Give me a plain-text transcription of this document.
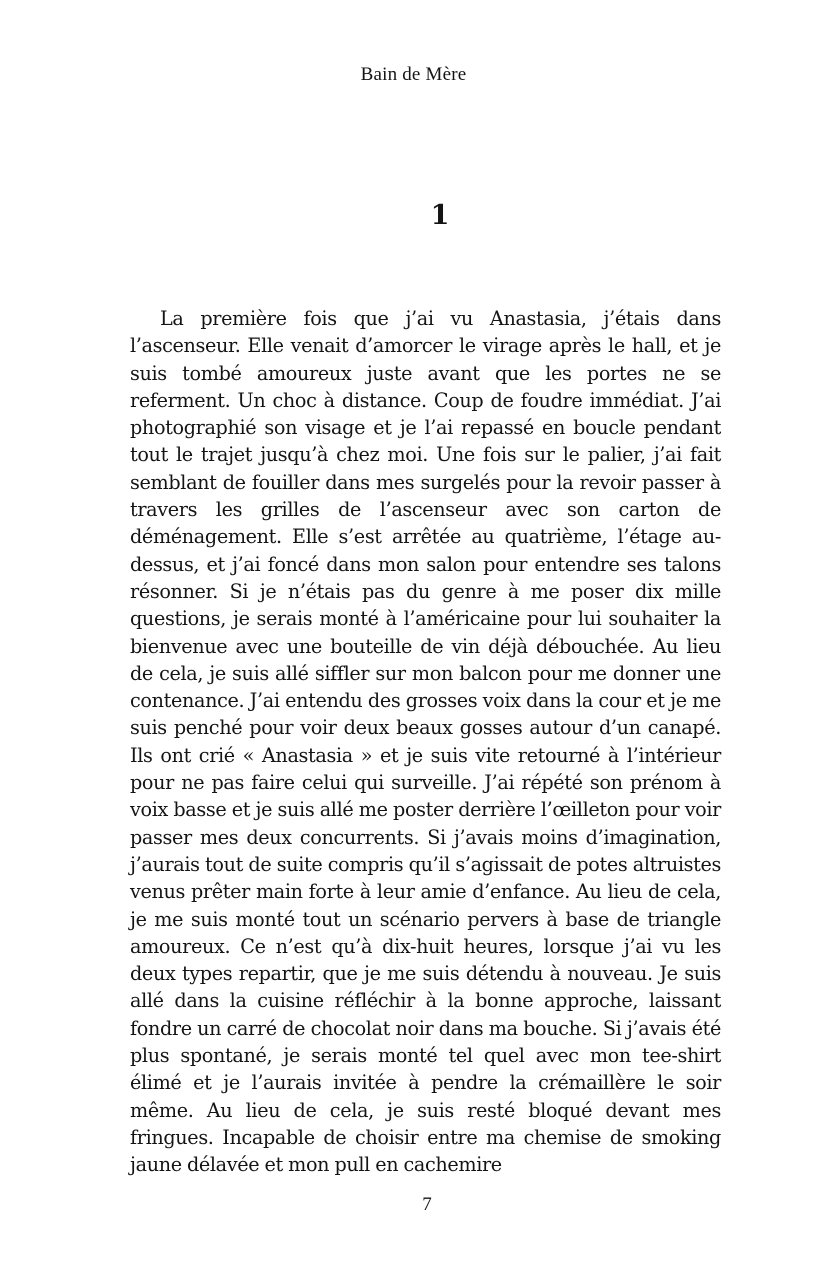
Bain de Mère
1

La première fois que j’ai vu Anastasia, j’étais dans l’ascenseur. Elle venait d’amorcer le virage après le hall, et je suis tombé amoureux juste avant que les portes ne se referment. Un choc à distance. Coup de foudre immédiat. J’ai photographié son visage et je l’ai repassé en boucle pendant tout le trajet jusqu’à chez moi. Une fois sur le palier, j’ai fait semblant de fouiller dans mes surgelés pour la revoir passer à travers les grilles de l’ascenseur avec son carton de déménagement. Elle s’est arrêtée au quatrième, l’étage au-dessus, et j’ai foncé dans mon salon pour entendre ses talons résonner. Si je n’étais pas du genre à me poser dix mille questions, je serais monté à l’américaine pour lui souhaiter la bienvenue avec une bouteille de vin déjà débouchée. Au lieu de cela, je suis allé siffler sur mon balcon pour me donner une contenance. J’ai entendu des grosses voix dans la cour et je me suis penché pour voir deux beaux gosses autour d’un canapé. Ils ont crié « Anastasia » et je suis vite retourné à l’intérieur pour ne pas faire celui qui surveille. J’ai répété son prénom à voix basse et je suis allé me poster derrière l’œilleton pour voir passer mes deux concurrents. Si j’avais moins d’imagination, j’aurais tout de suite compris qu’il s’agissait de potes altruistes venus prêter main forte à leur amie d’enfance. Au lieu de cela, je me suis monté tout un scénario pervers à base de triangle amoureux. Ce n’est qu’à dix-huit heures, lorsque j’ai vu les deux types repartir, que je me suis détendu à nouveau. Je suis allé dans la cuisine réfléchir à la bonne approche, laissant fondre un carré de chocolat noir dans ma bouche. Si j’avais été plus spontané, je serais monté tel quel avec mon tee-shirt élimé et je l’aurais invitée à pendre la crémaillère le soir même. Au lieu de cela, je suis resté bloqué devant mes fringues. Incapable de choisir entre ma chemise de smoking jaune délavée et mon pull en cachemire

7
